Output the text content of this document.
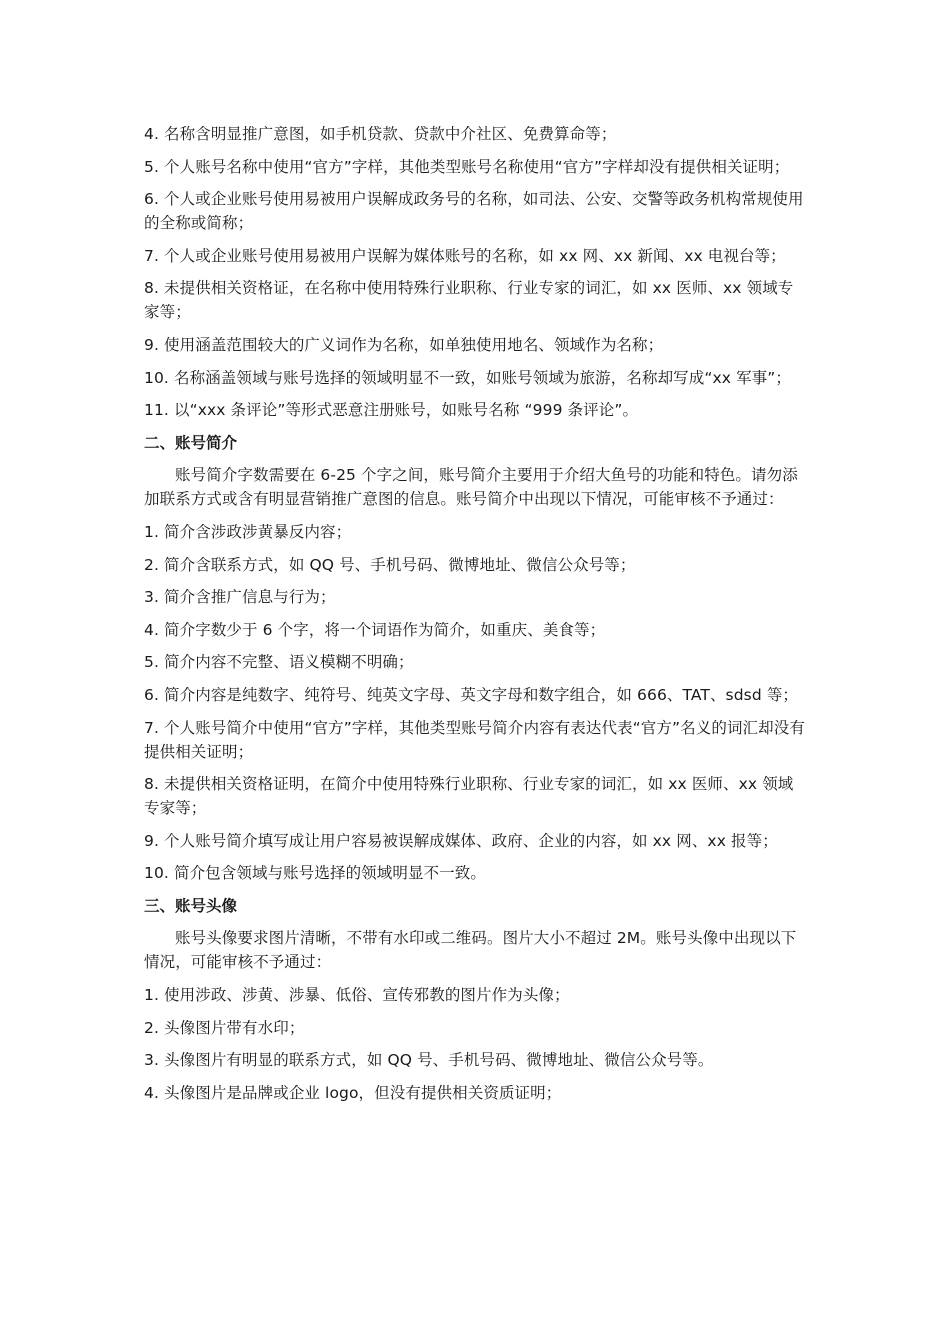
4. 名称含明显推广意图，如手机贷款、贷款中介社区、免费算命等；

5. 个人账号名称中使用“官方”字样，其他类型账号名称使用“官方”字样却没有提供相关证明；

6. 个人或企业账号使用易被用户误解成政务号的名称，如司法、公安、交警等政务机构常规使用的全称或简称；

7. 个人或企业账号使用易被用户误解为媒体账号的名称，如 xx 网、xx 新闻、xx 电视台等；

8. 未提供相关资格证，在名称中使用特殊行业职称、行业专家的词汇，如 xx 医师、xx 领域专家等；

9. 使用涵盖范围较大的广义词作为名称，如单独使用地名、领域作为名称；

10. 名称涵盖领域与账号选择的领域明显不一致，如账号领域为旅游，名称却写成“xx 军事”；

11. 以“xxx 条评论”等形式恶意注册账号，如账号名称 “999 条评论”。

二、账号简介

账号简介字数需要在 6-25 个字之间，账号简介主要用于介绍大鱼号的功能和特色。请勿添加联系方式或含有明显营销推广意图的信息。账号简介中出现以下情况，可能审核不予通过：

1. 简介含涉政涉黄暴反内容；

2. 简介含联系方式，如 QQ 号、手机号码、微博地址、微信公众号等；

3. 简介含推广信息与行为；

4. 简介字数少于 6 个字，将一个词语作为简介，如重庆、美食等；

5. 简介内容不完整、语义模糊不明确；

6. 简介内容是纯数字、纯符号、纯英文字母、英文字母和数字组合，如 666、TAT、sdsd 等；

7. 个人账号简介中使用“官方”字样，其他类型账号简介内容有表达代表“官方”名义的词汇却没有提供相关证明；

8. 未提供相关资格证明，在简介中使用特殊行业职称、行业专家的词汇，如 xx 医师、xx 领域专家等；

9. 个人账号简介填写成让用户容易被误解成媒体、政府、企业的内容，如 xx 网、xx 报等；

10. 简介包含领域与账号选择的领域明显不一致。

三、账号头像

账号头像要求图片清晰，不带有水印或二维码。图片大小不超过 2M。账号头像中出现以下情况，可能审核不予通过：

1. 使用涉政、涉黄、涉暴、低俗、宣传邪教的图片作为头像；

2. 头像图片带有水印；

3. 头像图片有明显的联系方式，如 QQ 号、手机号码、微博地址、微信公众号等。

4. 头像图片是品牌或企业 logo，但没有提供相关资质证明；
